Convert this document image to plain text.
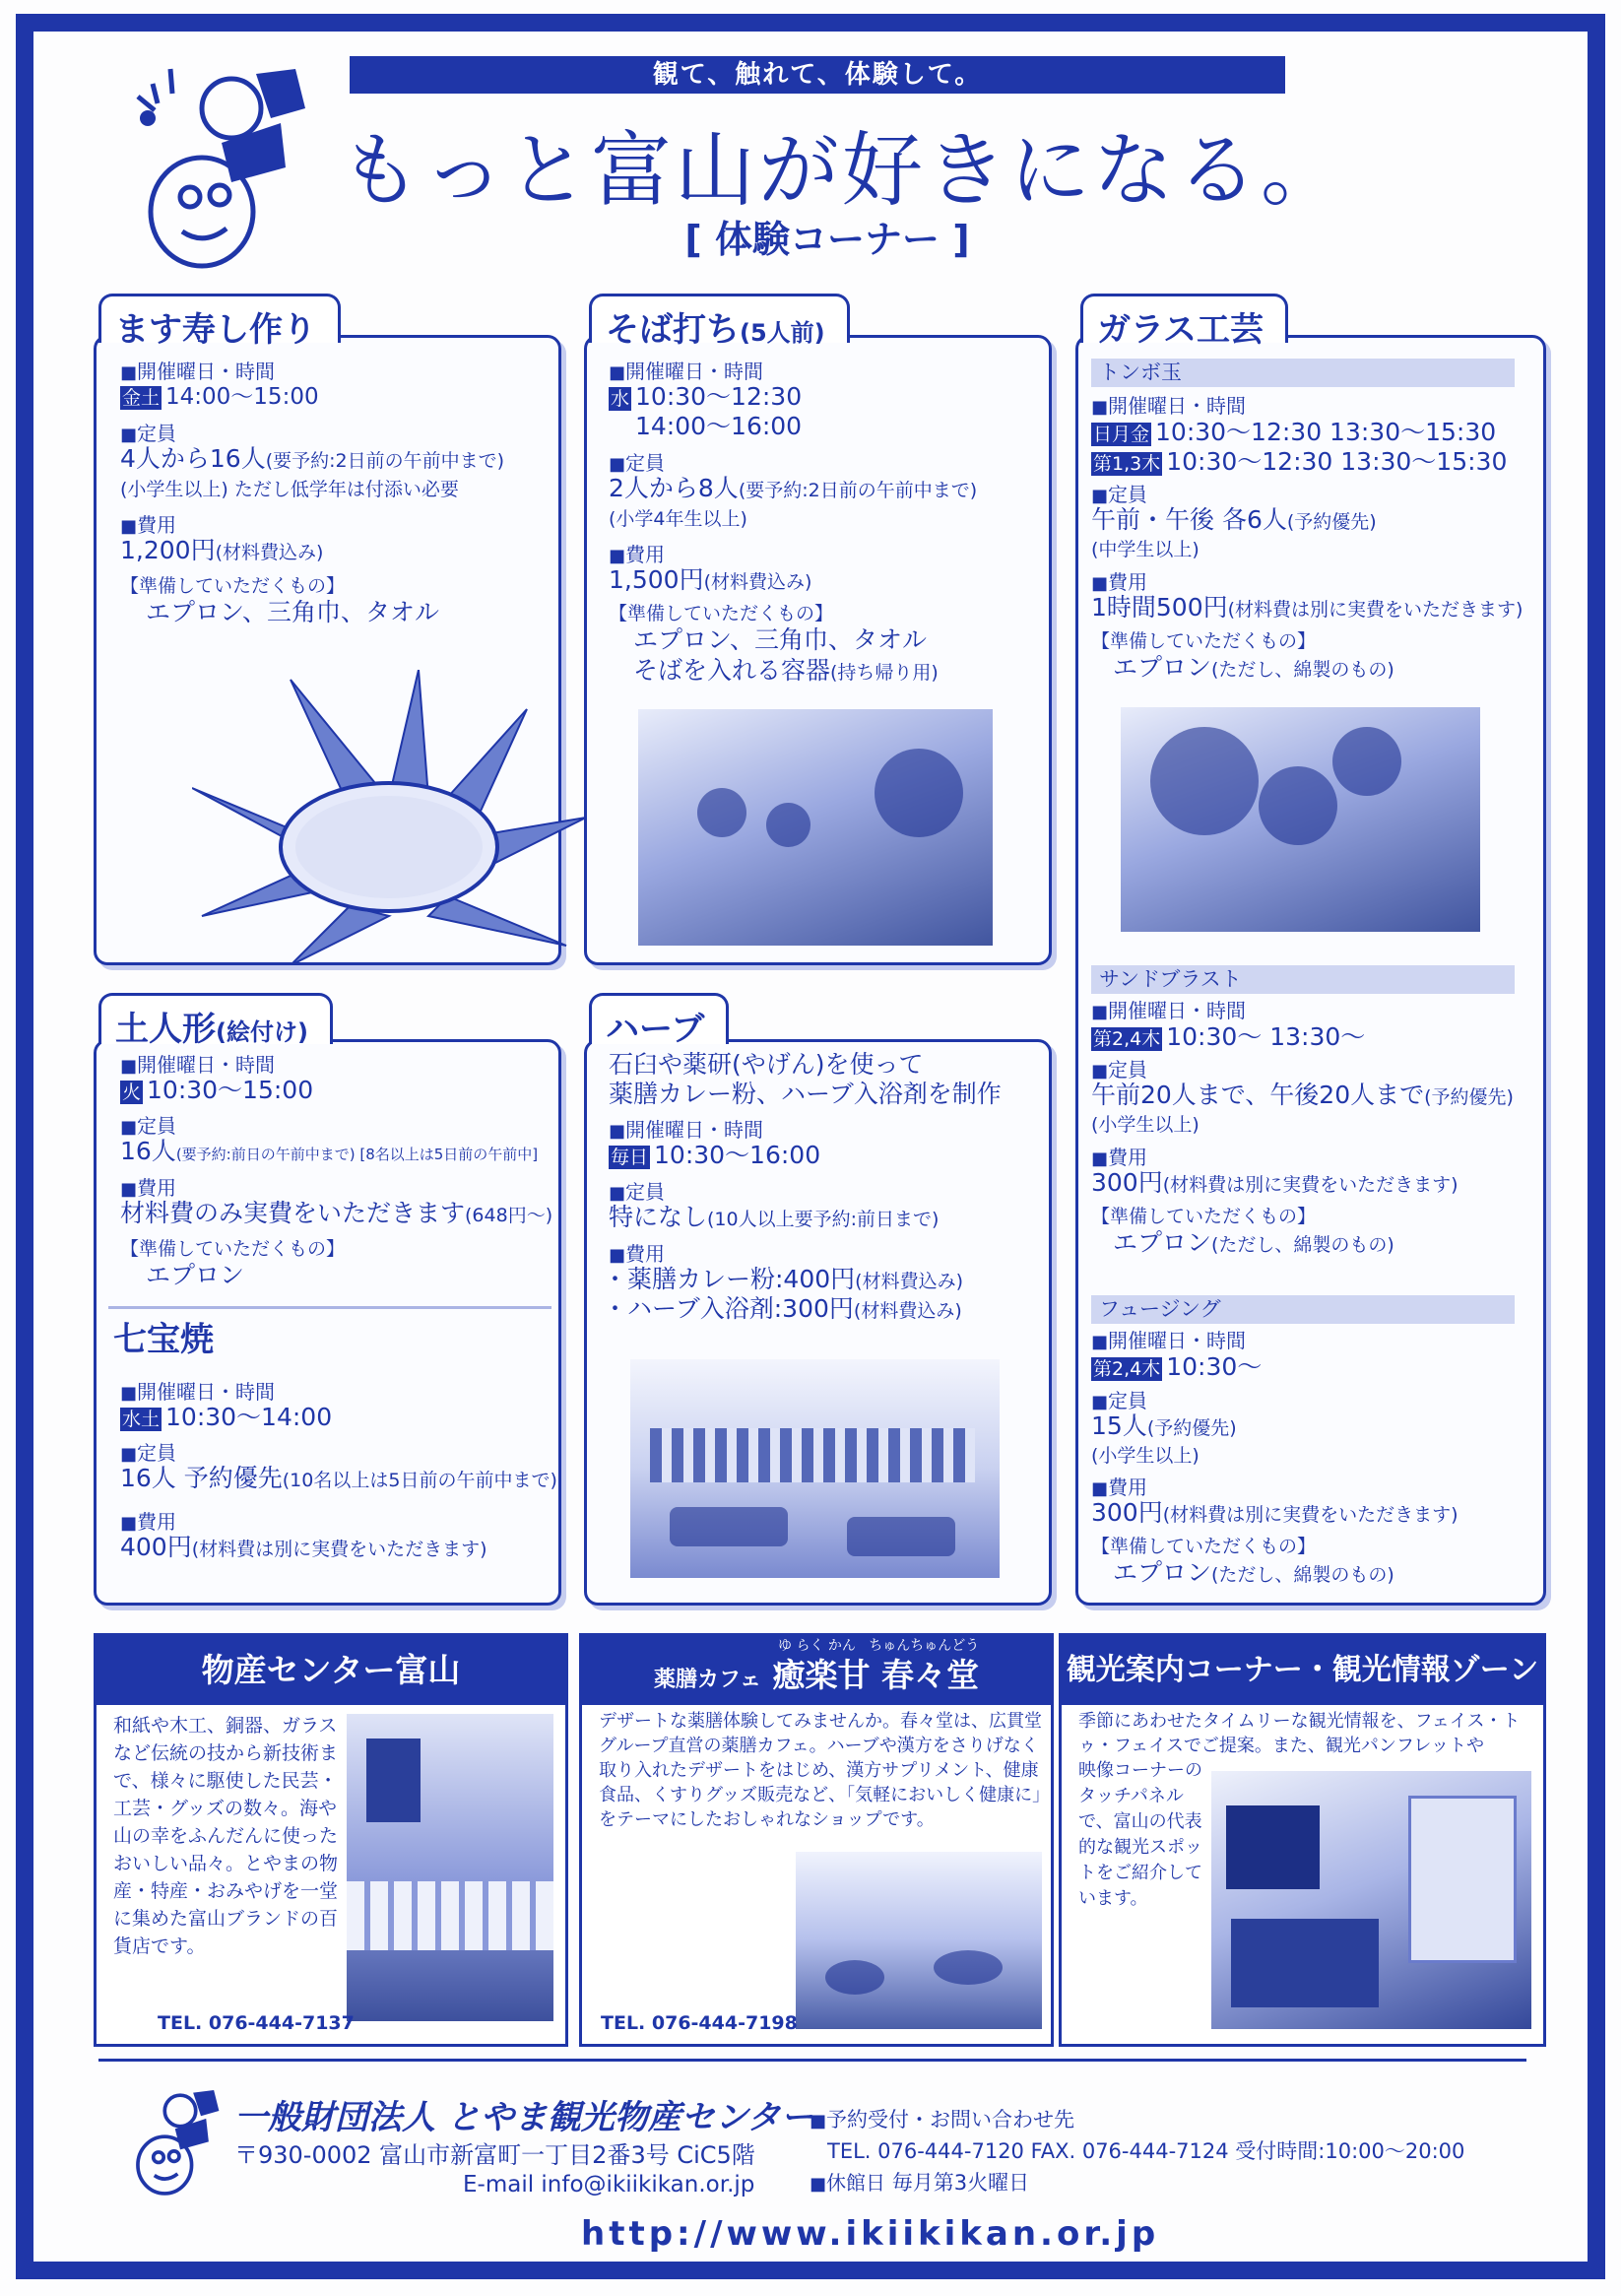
観て、触れて、体験して。
もっと富山が好きになる。
[ 体験コーナー ]
ます寿し作り
■ 開催曜日・時間
金土 14:00〜15:00
■ 定員
4人から16人(要予約:2日前の午前中まで)
(小学生以上) ただし低学年は付添い必要
■ 費用
1,200円(材料費込み)
【準備していただくもの】
エプロン、三角巾、タオル
そば打ち(5人前)
■ 開催曜日・時間
水 10:30〜12:30
14:00〜16:00
■ 定員
2人から8人(要予約:2日前の午前中まで)
(小学4年生以上)
■ 費用
1,500円(材料費込み)
【準備していただくもの】
エプロン、三角巾、タオル
そばを入れる容器(持ち帰り用)
ガラス工芸
トンボ玉
■ 開催曜日・時間
日月金 10:30〜12:30 13:30〜15:30
第1,3木 10:30〜12:30 13:30〜15:30
■ 定員
午前・午後 各6人(予約優先)
(中学生以上)
■ 費用
1時間500円(材料費は別に実費をいただきます)
【準備していただくもの】
エプロン(ただし、綿製のもの)
サンドブラスト
■ 開催曜日・時間
第2,4木 10:30〜 13:30〜
■ 定員
午前20人まで、午後20人まで(予約優先)
(小学生以上)
■ 費用
300円(材料費は別に実費をいただきます)
【準備していただくもの】
エプロン(ただし、綿製のもの)
フュージング
■ 開催曜日・時間
第2,4木 10:30〜
■ 定員
15人(予約優先)
(小学生以上)
■ 費用
300円(材料費は別に実費をいただきます)
【準備していただくもの】
エプロン(ただし、綿製のもの)
土人形(絵付け)
■ 開催曜日・時間
火 10:30〜15:00
■ 定員
16人(要予約:前日の午前中まで) [8名以上は5日前の午前中]
■ 費用
材料費のみ実費をいただきます(648円〜)
【準備していただくもの】
エプロン
七宝焼
■ 開催曜日・時間
水土 10:30〜14:00
■ 定員
16人 予約優先(10名以上は5日前の午前中まで)
■ 費用
400円(材料費は別に実費をいただきます)
ハーブ
石臼や薬研(やげん)を使って
薬膳カレー粉、ハーブ入浴剤を制作
■ 開催曜日・時間
毎日 10:30〜16:00
■ 定員
特になし(10人以上要予約:前日まで)
■ 費用
・薬膳カレー粉:400円(材料費込み)
・ハーブ入浴剤:300円(材料費込み)
物産センター富山
和紙や木工、銅器、ガラスなど伝統の技から新技術まで、様々に駆使した民芸・工芸・グッズの数々。海や山の幸をふんだんに使ったおいしい品々。とやまの物産・特産・おみやげを一堂に集めた富山ブランドの百貨店です。
TEL. 076-444-7137
薬膳カフェ 癒楽甘 春々堂
ゆ らく かん   ちゅんちゅんどう
デザートな薬膳体験してみませんか。春々堂は、広貫堂グループ直営の薬膳カフェ。ハーブや漢方をさりげなく取り入れたデザートをはじめ、漢方サプリメント、健康食品、くすりグッズ販売など、「気軽においしく健康に」をテーマにしたおしゃれなショップです。
TEL. 076-444-7198
観光案内コーナー・観光情報ゾーン
季節にあわせたタイムリーな観光情報を、フェイス・トゥ・フェイスでご提案。また、観光パンフレットや
映像コーナーのタッチパネルで、富山の代表的な観光スポットをご紹介しています。
一般財団法人 とやま観光物産センター
〒930-0002 富山市新富町一丁目2番3号 CiC5階
E-mail info@ikiikikan.or.jp
■ 予約受付・お問い合わせ先
TEL. 076-444-7120 FAX. 076-444-7124 受付時間:10:00〜20:00
■ 休館日 毎月第3火曜日
http://www.ikiikikan.or.jp
